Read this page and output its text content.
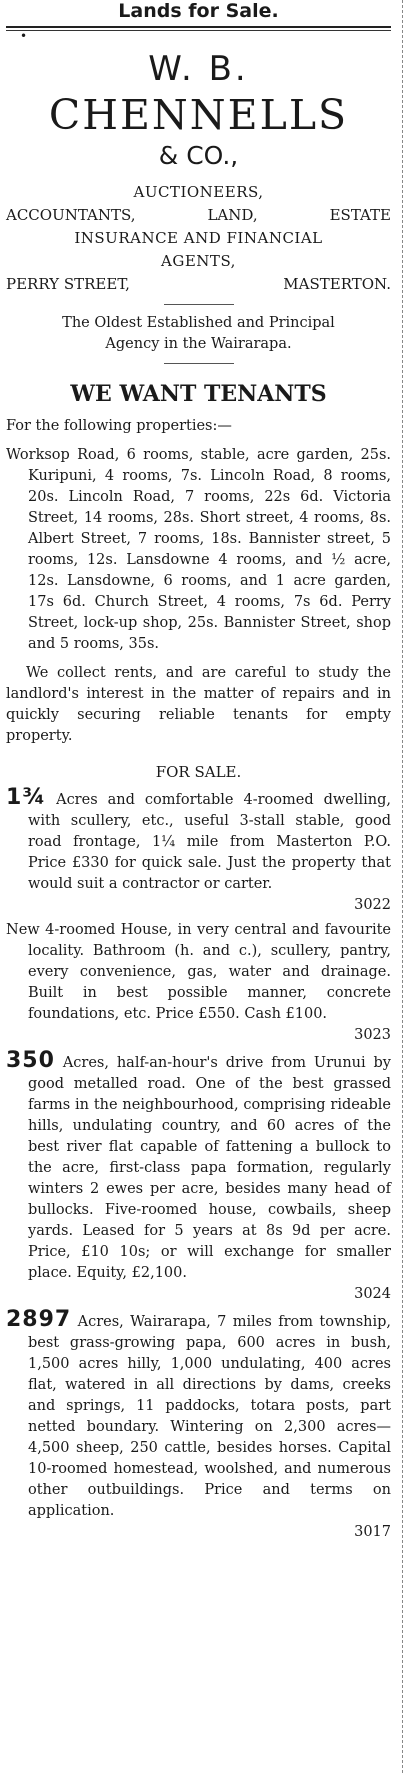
Lands for Sale.
•
W. B.
CHENNELLS
& CO.,
AUCTIONEERS,
ACCOUNTANTS,	LAND,	ESTATE
INSURANCE AND FINANCIAL
AGENTS,
PERRY STREET,	MASTERTON.
The Oldest Established and Principal
Agency in the Wairarapa.
WE WANT TENANTS
For the following properties:—
Worksop Road, 6 rooms, stable, acre garden, 25s. Kuripuni, 4 rooms, 7s. Lincoln Road, 8 rooms, 20s. Lincoln Road, 7 rooms, 22s 6d. Victoria Street, 14 rooms, 28s. Short street, 4 rooms, 8s. Albert Street, 7 rooms, 18s. Bannister street, 5 rooms, 12s. Lansdowne 4 rooms, and ½ acre, 12s. Lansdowne, 6 rooms, and 1 acre garden, 17s 6d. Church Street, 4 rooms, 7s 6d. Perry Street, lock-up shop, 25s. Bannister Street, shop and 5 rooms, 35s.
We collect rents, and are careful to study the landlord's interest in the matter of repairs and in quickly securing reliable tenants for empty property.
FOR SALE.
1¾ Acres and comfortable 4-roomed dwelling, with scullery, etc., useful 3-stall stable, good road frontage, 1¼ mile from Masterton P.O. Price £330 for quick sale. Just the property that would suit a contractor or carter.
3022
New 4-roomed House, in very central and favourite locality. Bathroom (h. and c.), scullery, pantry, every convenience, gas, water and drainage. Built in best possible manner, concrete foundations, etc. Price £550. Cash £100.
3023
350 Acres, half-an-hour's drive from Urunui by good metalled road. One of the best grassed farms in the neighbourhood, comprising rideable hills, undulating country, and 60 acres of the best river flat capable of fattening a bullock to the acre, first-class papa formation, regularly winters 2 ewes per acre, besides many head of bullocks. Five-roomed house, cowbails, sheep yards. Leased for 5 years at 8s 9d per acre. Price, £10 10s; or will exchange for smaller place. Equity, £2,100.
3024
2897 Acres, Wairarapa, 7 miles from township, best grass-growing papa, 600 acres in bush, 1,500 acres hilly, 1,000 undulating, 400 acres flat, watered in all directions by dams, creeks and springs, 11 paddocks, totara posts, part netted boundary. Wintering on 2,300 acres—4,500 sheep, 250 cattle, besides horses. Capital 10-roomed homestead, woolshed, and numerous other outbuildings. Price and terms on application.
3017
